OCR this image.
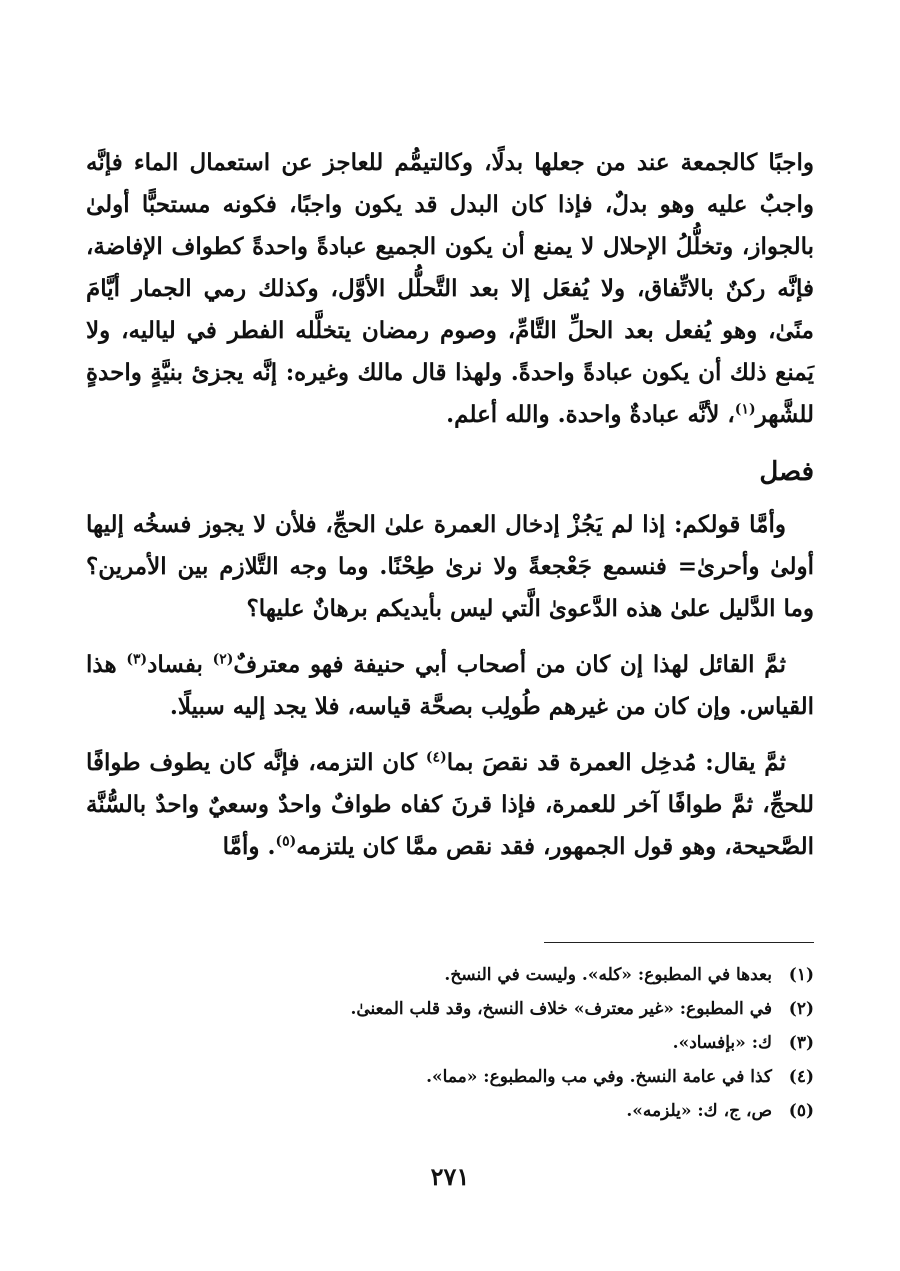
واجبًا كالجمعة عند من جعلها بدلًا، وكالتيمُّم للعاجز عن استعمال الماء فإنَّه واجبٌ عليه وهو بدلٌ، فإذا كان البدل قد يكون واجبًا، فكونه مستحبًّا أولىٰ بالجواز، وتخلُّلُ الإحلال لا يمنع أن يكون الجميع عبادةً واحدةً كطواف الإفاضة، فإنَّه ركنٌ بالاتِّفاق، ولا يُفعَل إلا بعد التَّحلُّل الأوَّل، وكذلك رمي الجمار أيَّامَ منًىٰ، وهو يُفعل بعد الحلِّ التَّامِّ، وصوم رمضان يتخلَّله الفطر في لياليه، ولا يَمنع ذلك أن يكون عبادةً واحدةً. ولهذا قال مالك وغيره: إنَّه يجزئ بنيَّةٍ واحدةٍ للشَّهر$^{(١)}$، لأنَّه عبادةٌ واحدة. والله أعلم.

فصل

وأمَّا قولكم: إذا لم يَجُزْ إدخال العمرة علىٰ الحجِّ، فلأن لا يجوز فسخُه إليها أولىٰ وأحرىٰ= فنسمع جَعْجعةً ولا نرىٰ طِحْنًا. وما وجه التَّلازم بين الأمرين؟ وما الدَّليل علىٰ هذه الدَّعوىٰ الَّتي ليس بأيديكم برهانٌ عليها؟

ثمَّ القائل لهذا إن كان من أصحاب أبي حنيفة فهو معترفٌ$^{(٢)}$ بفساد$^{(٣)}$ هذا القياس. وإن كان من غيرهم طُولِب بصحَّة قياسه، فلا يجد إليه سبيلًا.

ثمَّ يقال: مُدخِل العمرة قد نقصَ بما$^{(٤)}$ كان التزمه، فإنَّه كان يطوف طوافًا للحجِّ، ثمَّ طوافًا آخر للعمرة، فإذا قرنَ كفاه طوافٌ واحدٌ وسعيٌ واحدٌ بالسُّنَّة الصَّحيحة، وهو قول الجمهور، فقد نقص ممَّا كان يلتزمه$^{(٥)}$. وأمَّا

(١)
بعدها في المطبوع: «كله». وليست في النسخ.
(٢)
في المطبوع: «غير معترف» خلاف النسخ، وقد قلب المعنىٰ.
(٣)
ك: «بإفساد».
(٤)
كذا في عامة النسخ. وفي مب والمطبوع: «مما».
(٥)
ص، ج، ك: «يلزمه».
٢٧١
